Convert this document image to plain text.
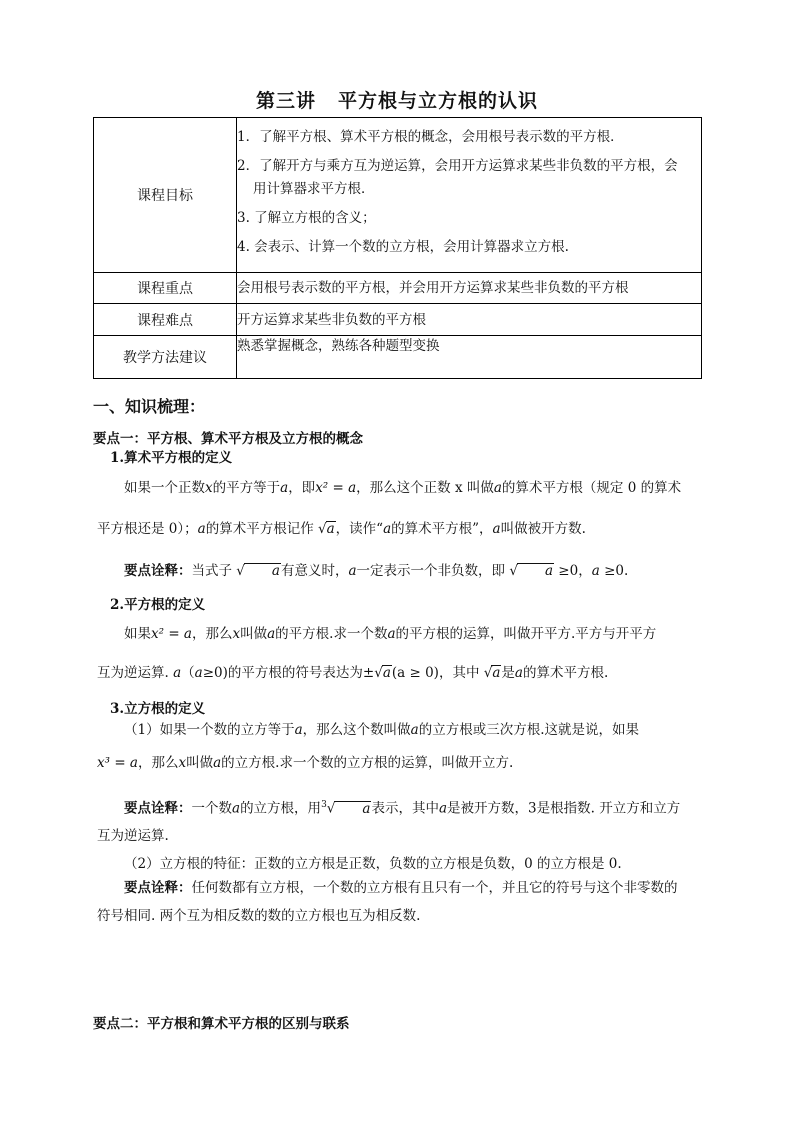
第三讲 平方根与立方根的认识
课程目标	1．了解平方根、算术平方根的概念，会用根号表示数的平方根．
2．了解开方与乘方互为逆运算，会用开方运算求某些非负数的平方根，会
用计算器求平方根．
3. 了解立方根的含义；
4. 会表示、计算一个数的立方根，会用计算器求立方根.

课程重点	会用根号表示数的平方根，并会用开方运算求某些非负数的平方根
课程难点	开方运算求某些非负数的平方根
教学方法建议	熟悉掌握概念，熟练各种题型变换
一、知识梳理：
要点一：平方根、算术平方根及立方根的概念
1.算术平方根的定义
如果一个正数x的平方等于a，即x² = a，那么这个正数 x 叫做a的算术平方根（规定 0 的算术
平方根还是 0）；a的算术平方根记作 √a，读作“a的算术平方根”，a叫做被开方数.
要点诠释：当式子 √ a有意义时，a一定表示一个非负数，即 √ a ≥0，a ≥0.
2.平方根的定义
如果x² = a，那么x叫做a的平方根.求一个数a的平方根的运算，叫做开平方.平方与开平方
互为逆运算. a（a≥0)的平方根的符号表达为±√a(a ≥ 0)，其中 √a是a的算术平方根.
3.立方根的定义
（1）如果一个数的立方等于a，那么这个数叫做a的立方根或三次方根.这就是说，如果
x³ = a，那么x叫做a的立方根.求一个数的立方根的运算，叫做开立方.
要点诠释：一个数a的立方根，用$^3$√ a表示，其中a是被开方数，3是根指数. 开立方和立方
互为逆运算.
（2）立方根的特征：正数的立方根是正数，负数的立方根是负数，0 的立方根是 0.
要点诠释：任何数都有立方根，一个数的立方根有且只有一个，并且它的符号与这个非零数的
符号相同. 两个互为相反数的数的立方根也互为相反数.
要点二：平方根和算术平方根的区别与联系
